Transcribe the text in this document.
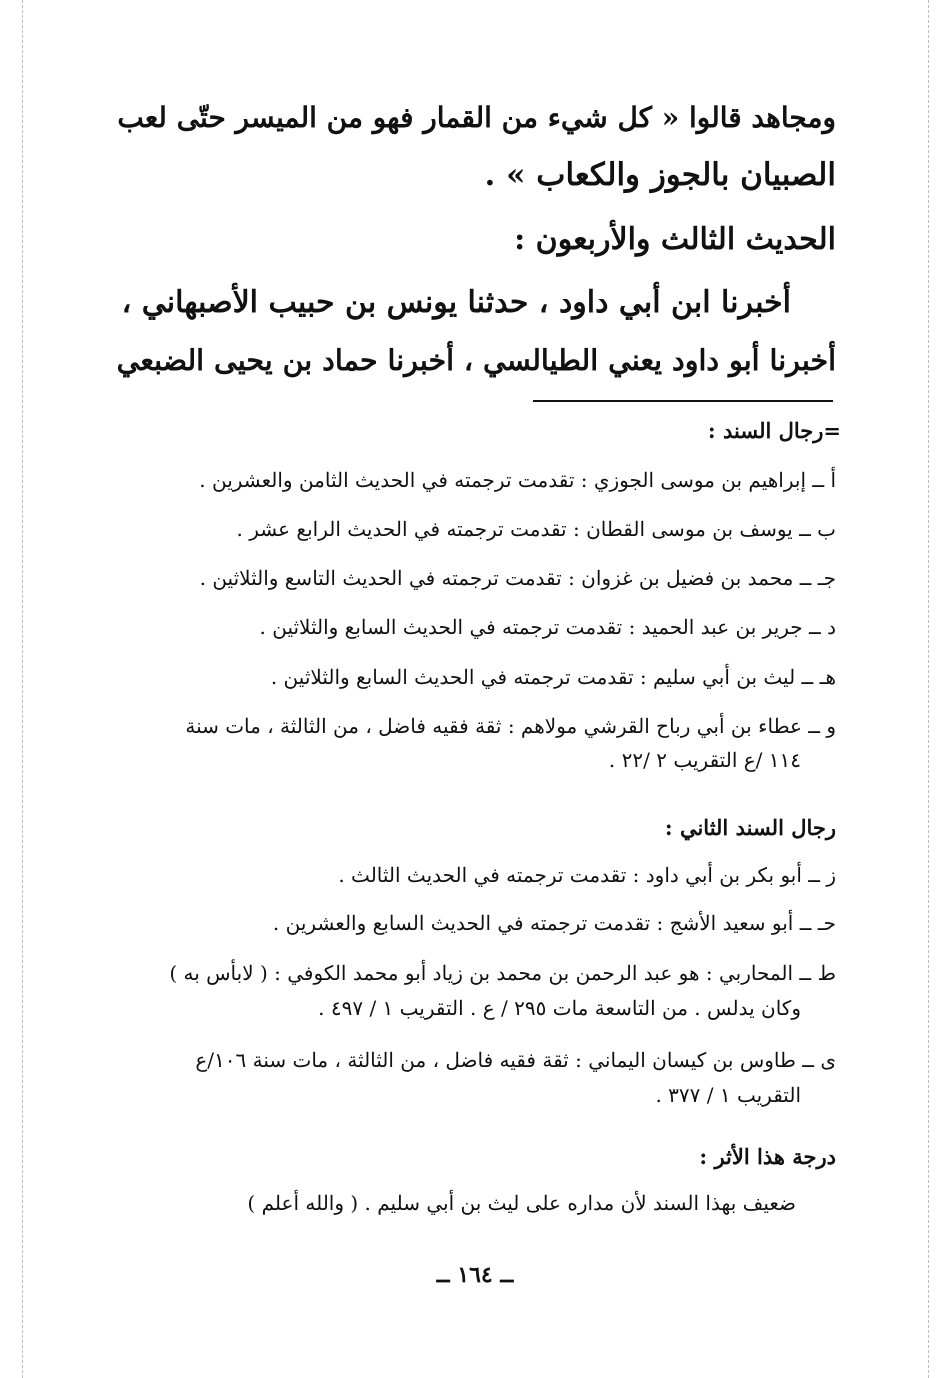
ومجاهد قالوا « كل شيء من القمار فهو من الميسر حتّى لعب
الصبيان بالجوز والكعاب » .
الحديث الثالث والأربعون :
أخبرنا ابن أبي داود ، حدثنا يونس بن حبيب الأصبهاني ،
أخبرنا أبو داود يعني الطيالسي ، أخبرنا حماد بن يحيى الضبعي
=رجال السند :
أ ــ إبراهيم بن موسى الجوزي : تقدمت ترجمته في الحديث الثامن والعشرين .
ب ــ يوسف بن موسى القطان : تقدمت ترجمته في الحديث الرابع عشر .
جـ ــ محمد بن فضيل بن غزوان : تقدمت ترجمته في الحديث التاسع والثلاثين .
د ــ جرير بن عبد الحميد : تقدمت ترجمته في الحديث السابع والثلاثين .
هـ ــ ليث بن أبي سليم : تقدمت ترجمته في الحديث السابع والثلاثين .
و ــ عطاء بن أبي رباح القرشي مولاهم : ثقة فقيه فاضل ، من الثالثة ، مات سنة
١١٤ /ع التقريب ٢ /٢٢ .
رجال السند الثاني :
ز ــ أبو بكر بن أبي داود : تقدمت ترجمته في الحديث الثالث .
حـ ــ أبو سعيد الأشج : تقدمت ترجمته في الحديث السابع والعشرين .
ط ــ المحاربي : هو عبد الرحمن بن محمد بن زياد أبو محمد الكوفي : ( لابأس به )
وكان يدلس . من التاسعة مات ٢٩٥ / ع . التقريب ١ / ٤٩٧ .
ى ــ طاوس بن كيسان اليماني : ثقة فقيه فاضل ، من الثالثة ، مات سنة ١٠٦/ع
التقريب ١ / ٣٧٧ .
درجة هذا الأثر :
ضعيف بهذا السند لأن مداره على ليث بن أبي سليم . ( والله أعلم )
ــ ١٦٤ ــ
